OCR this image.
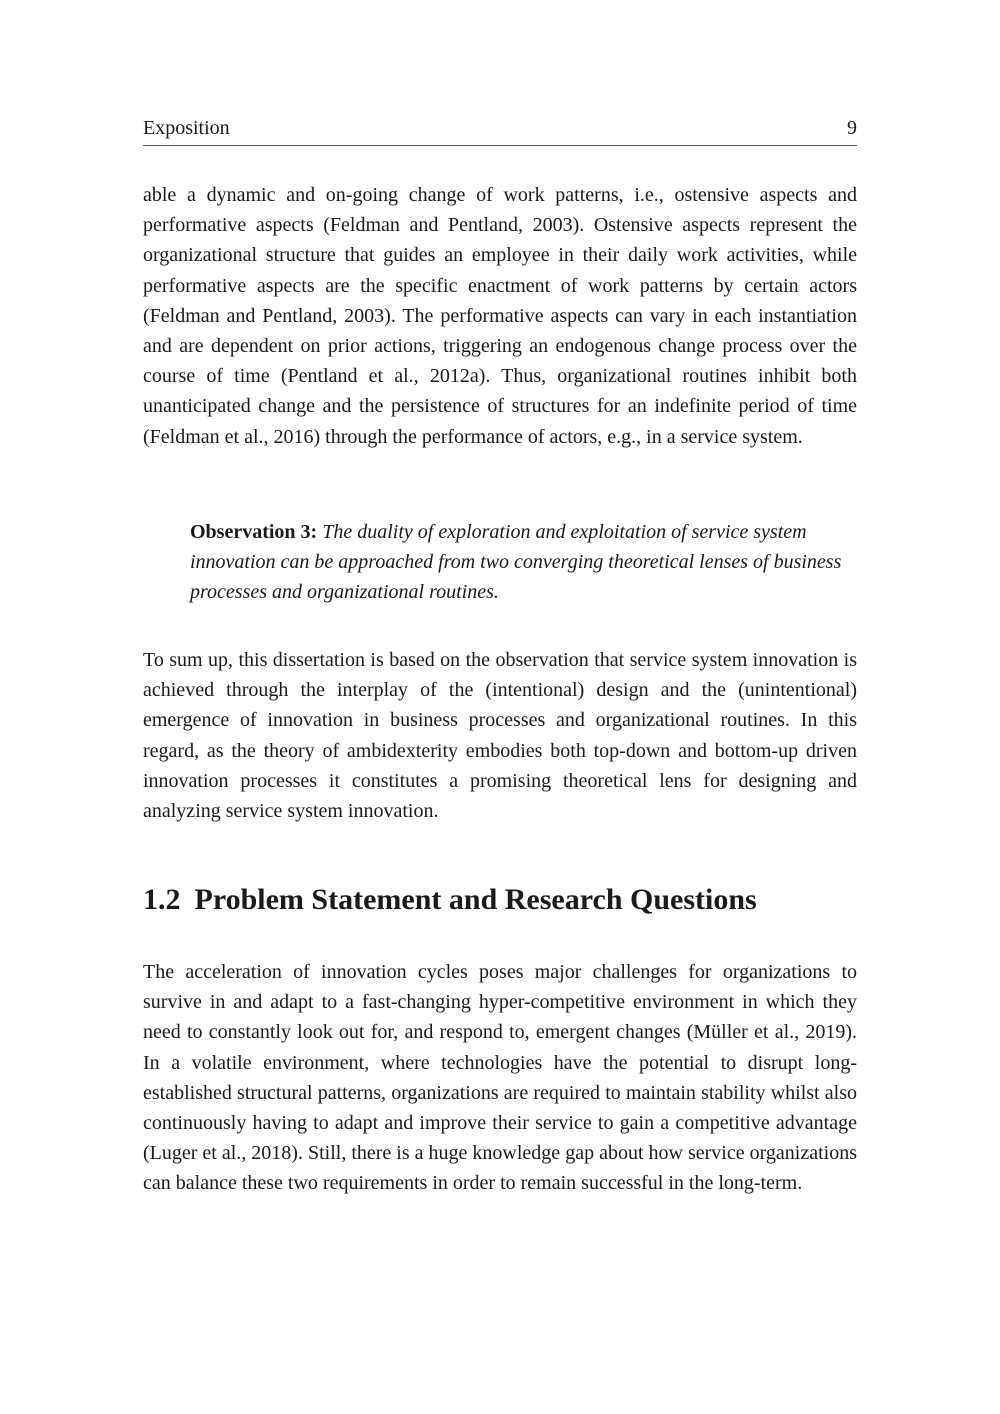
Exposition	9

able a dynamic and on-going change of work patterns, i.e., ostensive aspects and performative aspects (Feldman and Pentland, 2003). Ostensive aspects represent the organizational structure that guides an employee in their daily work activities, while performative aspects are the specific enactment of work patterns by certain actors (Feldman and Pentland, 2003). The performative aspects can vary in each instantiation and are dependent on prior actions, triggering an endogenous change process over the course of time (Pentland et al., 2012a). Thus, organizational routines inhibit both unanticipated change and the persistence of structures for an indefinite period of time (Feldman et al., 2016) through the performance of actors, e.g., in a service system.

Observation 3: The duality of exploration and exploitation of service system innovation can be approached from two converging theoretical lenses of business processes and organizational routines.

To sum up, this dissertation is based on the observation that service system innovation is achieved through the interplay of the (intentional) design and the (unintentional) emergence of innovation in business processes and organizational routines. In this regard, as the theory of ambidexterity embodies both top-down and bottom-up driven innovation processes it constitutes a promising theoretical lens for designing and analyzing service system innovation.

1.2 Problem Statement and Research Questions

The acceleration of innovation cycles poses major challenges for organizations to survive in and adapt to a fast-changing hyper-competitive environment in which they need to constantly look out for, and respond to, emergent changes (Müller et al., 2019). In a volatile environment, where technologies have the potential to disrupt long-established structural patterns, organizations are required to maintain stability whilst also continuously having to adapt and improve their service to gain a competitive advantage (Luger et al., 2018). Still, there is a huge knowledge gap about how service organizations can balance these two requirements in order to remain successful in the long-term.
